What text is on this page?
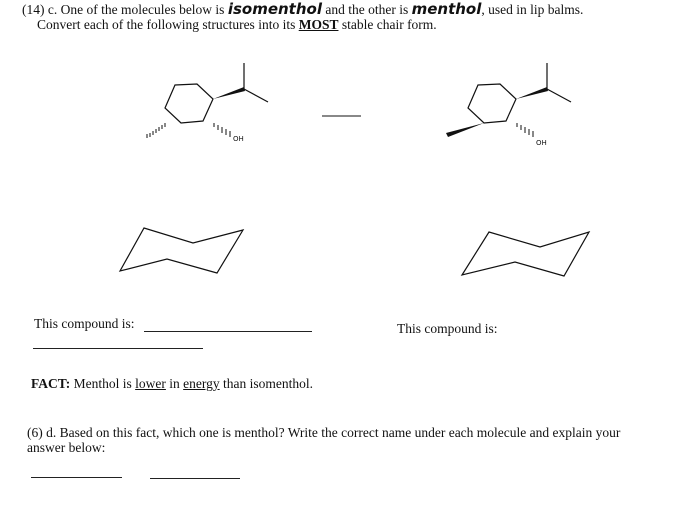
(14) c. One of the molecules below is isomenthol and the other is menthol, used in lip balms.
Convert each of the following structures into its MOST stable chair form.
OH	OH
This compound is:	This compound is:
FACT: Menthol is lower in energy than isomenthol.
(6) d. Based on this fact, which one is menthol? Write the correct name under each molecule and explain your
answer below:
